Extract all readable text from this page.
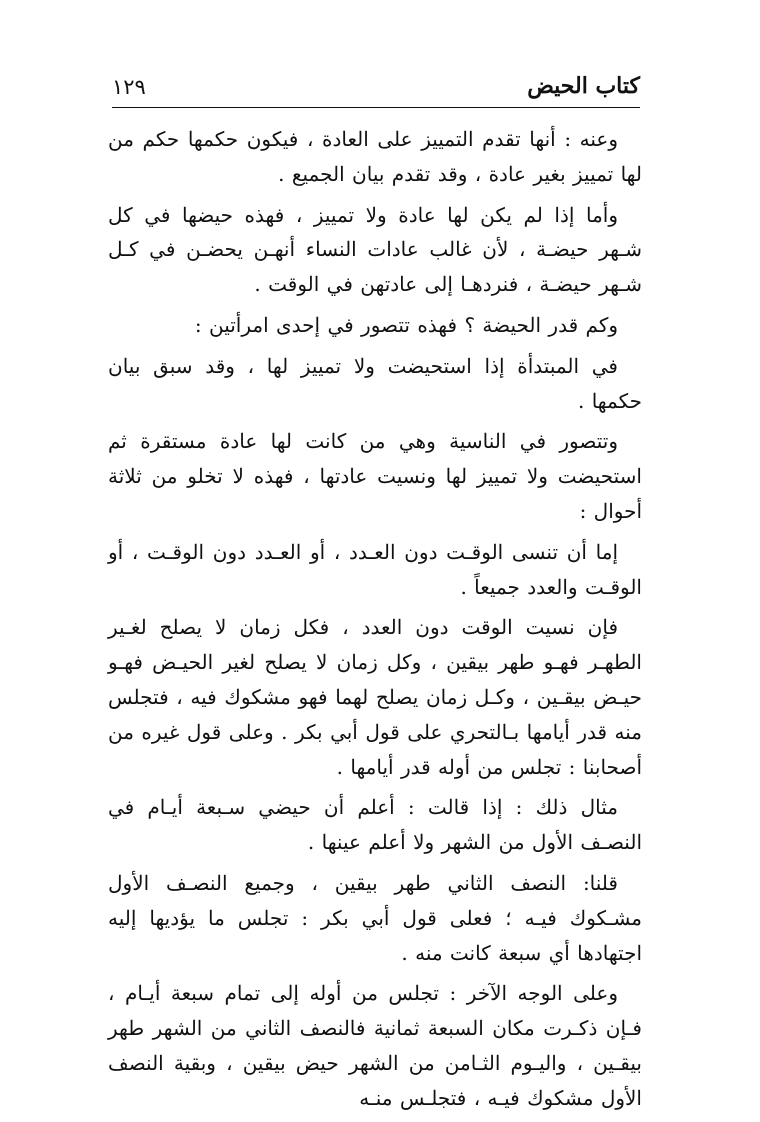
كتاب الحيض
١٢٩

وعنه : أنها تقدم التمييز على العادة ، فيكون حكمها حكم من لها تمييز بغير عادة ، وقد تقدم بيان الجميع .

وأما إذا لم يكن لها عادة ولا تمييز ، فهذه حيضها في كل شـهر حيضـة ، لأن غالب عادات النساء أنهـن يحضـن في كـل شـهر حيضـة ، فنردهـا إلى عادتهن في الوقت .

وكم قدر الحيضة ؟ فهذه تتصور في إحدى امرأتين :

في المبتدأة إذا استحيضت ولا تمييز لها ، وقد سبق بيان حكمها .

وتتصور في الناسية وهي من كانت لها عادة مستقرة ثم استحيضت ولا تمييز لها ونسيت عادتها ، فهذه لا تخلو من ثلاثة أحوال :

إما أن تنسى الوقـت دون العـدد ، أو العـدد دون الوقـت ، أو الوقـت والعدد جميعاً .

فإن نسيت الوقت دون العدد ، فكل زمان لا يصلح لغـير الطهـر فهـو طهر بيقين ، وكل زمان لا يصلح لغير الحيـض فهـو حيـض بيقـين ، وكـل زمان يصلح لهما فهو مشكوك فيه ، فتجلس منه قدر أيامها بـالتحري على قول أبي بكر . وعلى قول غيره من أصحابنا : تجلس من أوله قدر أيامها .

مثال ذلك : إذا قالت : أعلم أن حيضي سـبعة أيـام في النصـف الأول من الشهر ولا أعلم عينها .

قلنا: النصف الثاني طهر بيقين ، وجميع النصـف الأول مشـكوك فيـه ؛ فعلى قول أبي بكر : تجلس ما يؤديها إليه اجتهادها أي سبعة كانت منه .

وعلى الوجه الآخر : تجلس من أوله إلى تمام سبعة أيـام ، فـإن ذكـرت مكان السبعة ثمانية فالنصف الثاني من الشهر طهر بيقـين ، واليـوم الثـامن من الشهر حيض بيقين ، وبقية النصف الأول مشكوك فيـه ، فتجلـس منـه
